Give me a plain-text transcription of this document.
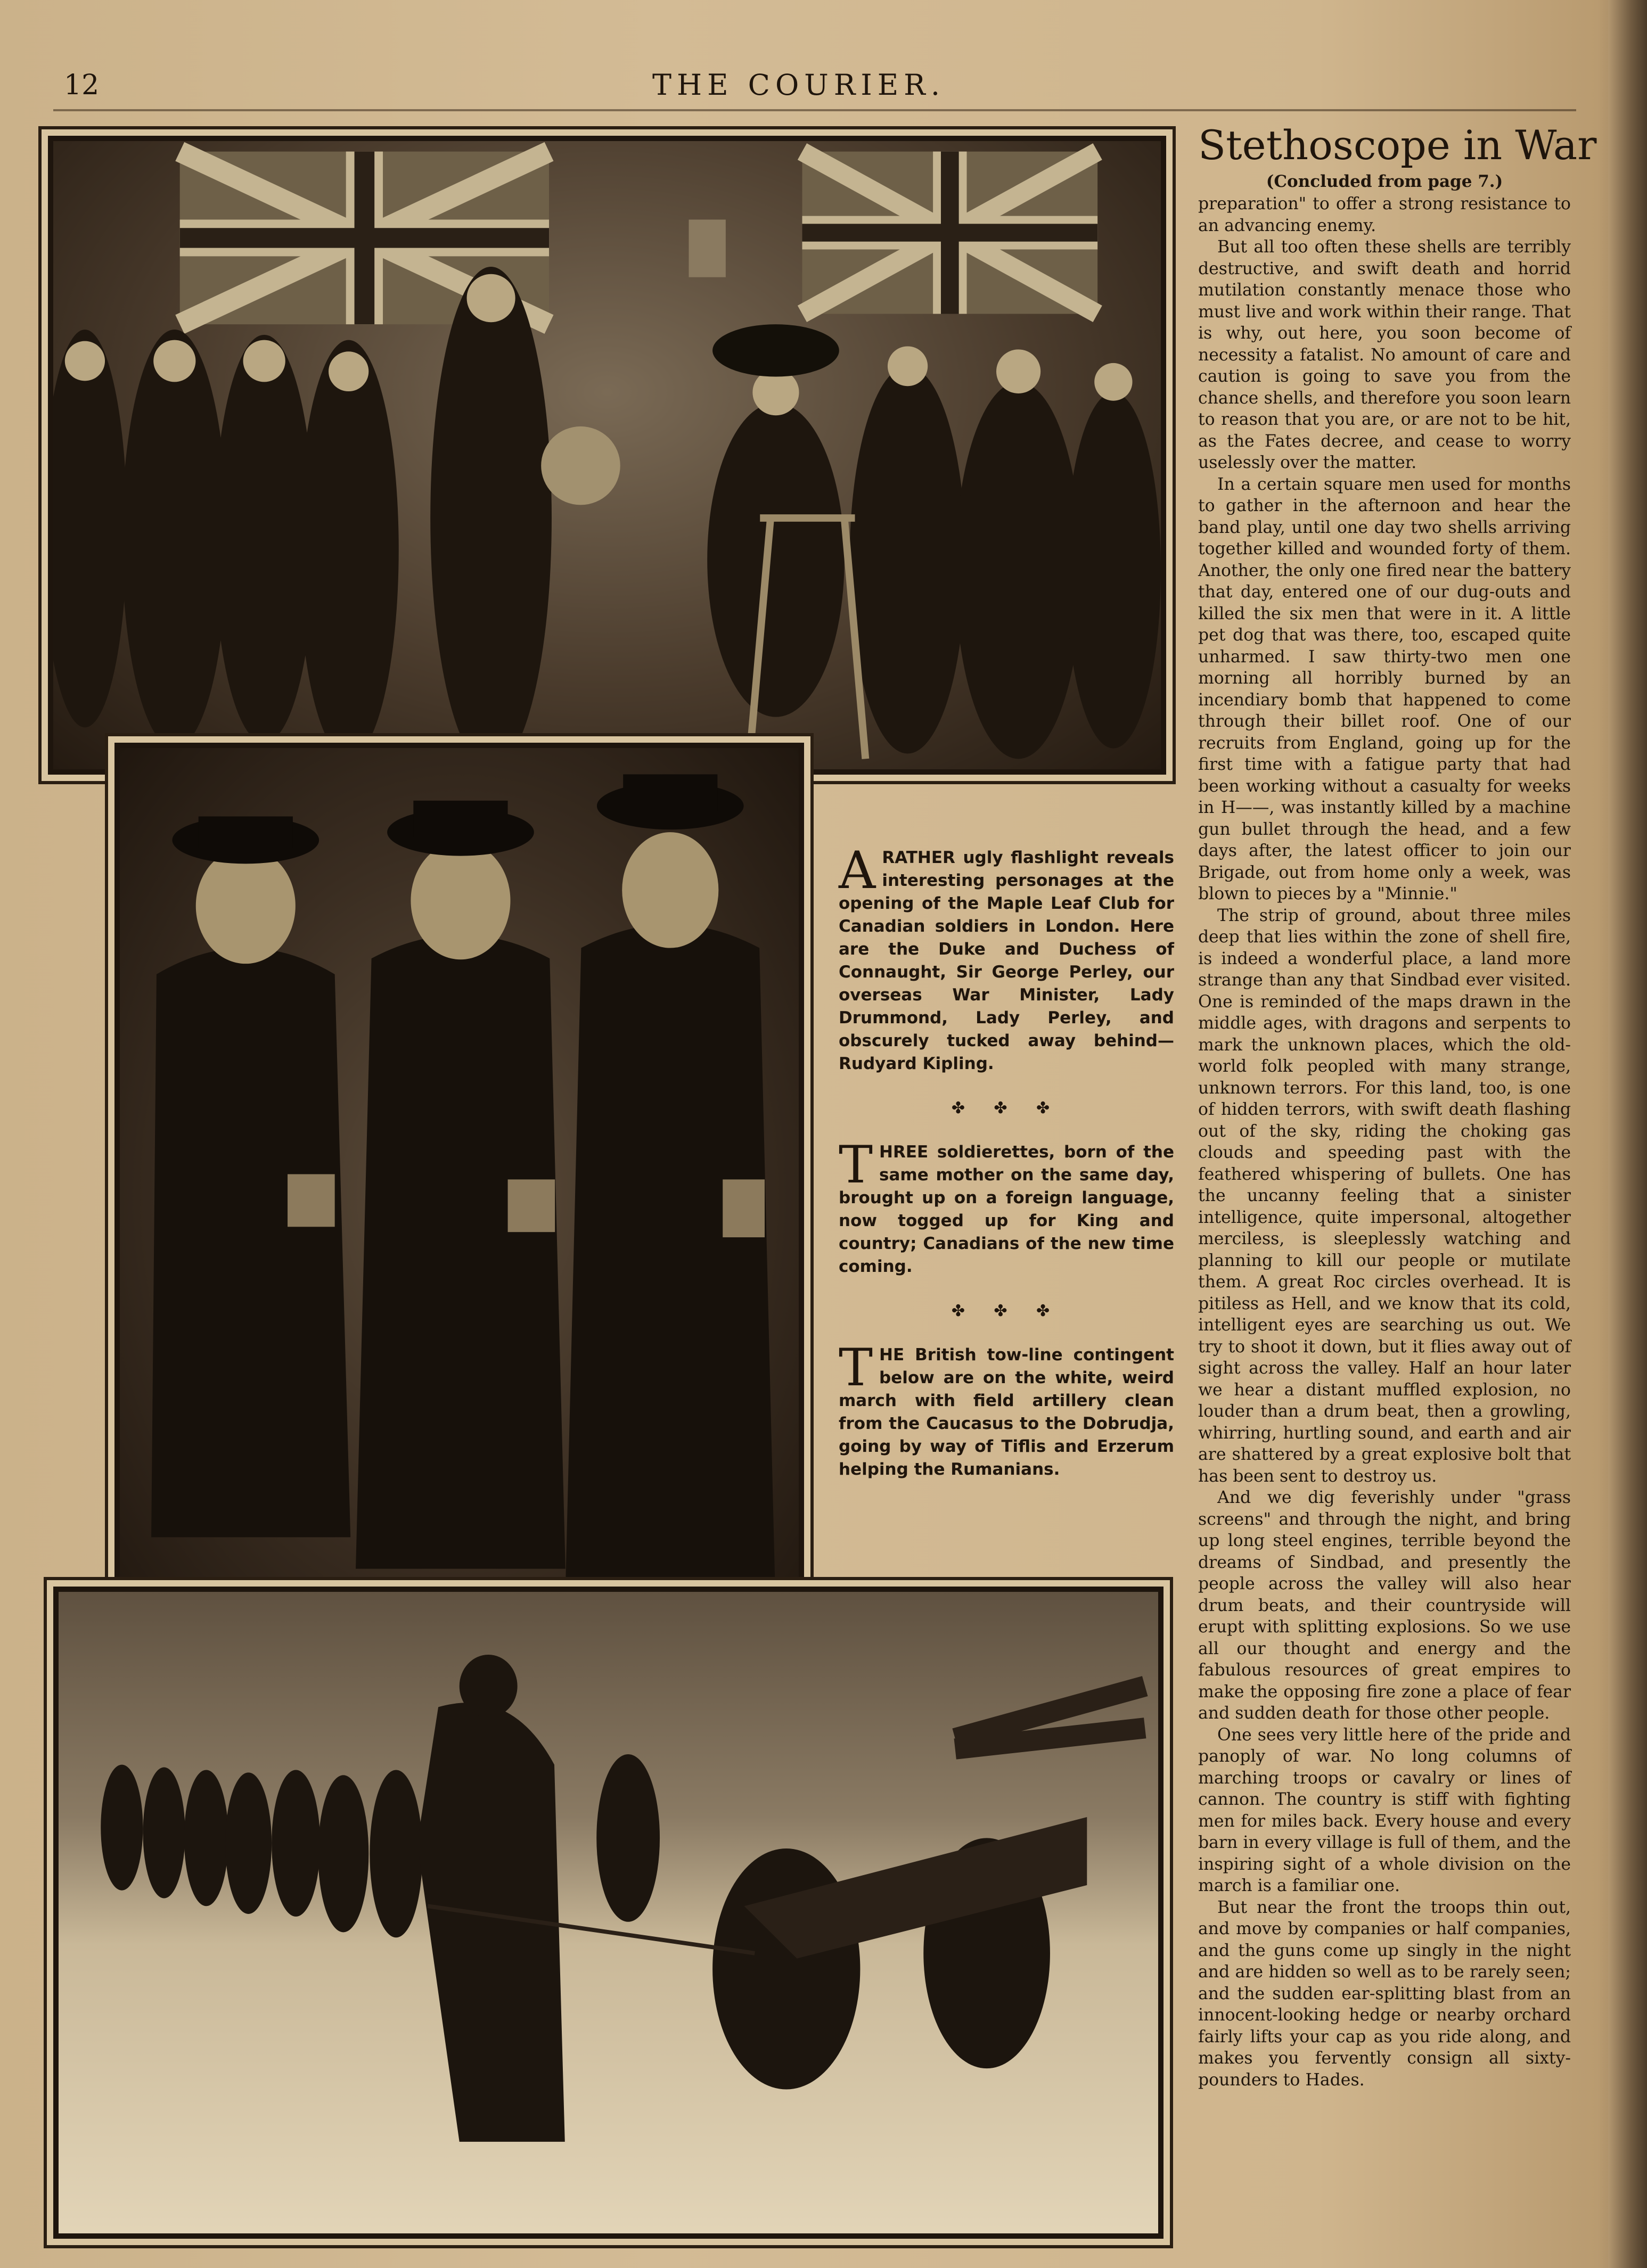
12	THE COURIER.

ARATHER ugly flashlight reveals interesting personages at the opening of the Maple Leaf Club for Canadian soldiers in London. Here are the Duke and Duchess of Connaught, Sir George Perley, our overseas War Minister, Lady Drummond, Lady Perley, and obscurely tucked away behind—Rudyard Kipling.

✤ ✤ ✤

THREE soldierettes, born of the same mother on the same day, brought up on a foreign language, now togged up for King and country; Canadians of the new time coming.

✤ ✤ ✤

THE British tow-line contingent below are on the white, weird march with field artillery clean from the Caucasus to the Dobrudja, going by way of Tiflis and Erzerum helping the Rumanians.

Stethoscope in War
(Concluded from page 7.)

preparation" to offer a strong resistance to an advancing enemy.

But all too often these shells are terribly destructive, and swift death and horrid mutilation constantly menace those who must live and work within their range. That is why, out here, you soon become of necessity a fatalist. No amount of care and caution is going to save you from the chance shells, and therefore you soon learn to reason that you are, or are not to be hit, as the Fates decree, and cease to worry uselessly over the matter.

In a certain square men used for months to gather in the afternoon and hear the band play, until one day two shells arriving together killed and wounded forty of them. Another, the only one fired near the battery that day, entered one of our dug-outs and killed the six men that were in it. A little pet dog that was there, too, escaped quite unharmed. I saw thirty-two men one morning all horribly burned by an incendiary bomb that happened to come through their billet roof. One of our recruits from England, going up for the first time with a fatigue party that had been working without a casualty for weeks in H——, was instantly killed by a machine gun bullet through the head, and a few days after, the latest officer to join our Brigade, out from home only a week, was blown to pieces by a "Minnie."

The strip of ground, about three miles deep that lies within the zone of shell fire, is indeed a wonderful place, a land more strange than any that Sindbad ever visited. One is reminded of the maps drawn in the middle ages, with dragons and serpents to mark the unknown places, which the old-world folk peopled with many strange, unknown terrors. For this land, too, is one of hidden terrors, with swift death flashing out of the sky, riding the choking gas clouds and speeding past with the feathered whispering of bullets. One has the uncanny feeling that a sinister intelligence, quite impersonal, altogether merciless, is sleeplessly watching and planning to kill our people or mutilate them. A great Roc circles overhead. It is pitiless as Hell, and we know that its cold, intelligent eyes are searching us out. We try to shoot it down, but it flies away out of sight across the valley. Half an hour later we hear a distant muffled explosion, no louder than a drum beat, then a growling, whirring, hurtling sound, and earth and air are shattered by a great explosive bolt that has been sent to destroy us.

And we dig feverishly under "grass screens" and through the night, and bring up long steel engines, terrible beyond the dreams of Sindbad, and presently the people across the valley will also hear drum beats, and their countryside will erupt with splitting explosions. So we use all our thought and energy and the fabulous resources of great empires to make the opposing fire zone a place of fear and sudden death for those other people.

One sees very little here of the pride and panoply of war. No long columns of marching troops or cavalry or lines of cannon. The country is stiff with fighting men for miles back. Every house and every barn in every village is full of them, and the inspiring sight of a whole division on the march is a familiar one.

But near the front the troops thin out, and move by companies or half companies, and the guns come up singly in the night and are hidden so well as to be rarely seen; and the sudden ear-splitting blast from an innocent-looking hedge or nearby orchard fairly lifts your cap as you ride along, and makes you fervently consign all sixty-pounders to Hades.
